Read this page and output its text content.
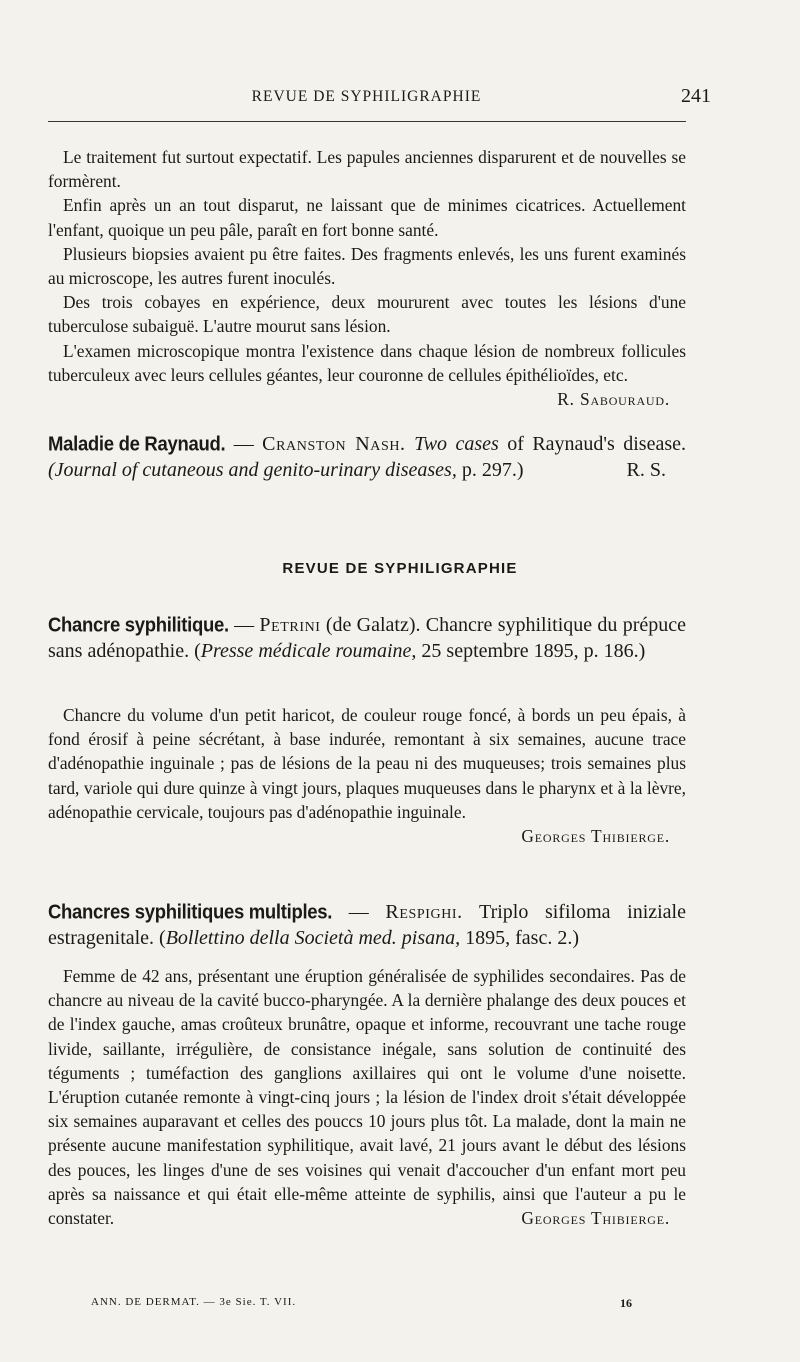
REVUE DE SYPHILIGRAPHIE	241

Le traitement fut surtout expectatif. Les papules anciennes disparurent et de nouvelles se formèrent.

Enfin après un an tout disparut, ne laissant que de minimes cicatrices. Actuellement l'enfant, quoique un peu pâle, paraît en fort bonne santé.

Plusieurs biopsies avaient pu être faites. Des fragments enlevés, les uns furent examinés au microscope, les autres furent inoculés.

Des trois cobayes en expérience, deux moururent avec toutes les lésions d'une tuberculose subaiguë. L'autre mourut sans lésion.

L'examen microscopique montra l'existence dans chaque lésion de nombreux follicules tuberculeux avec leurs cellules géantes, leur couronne de cellules épithélioïdes, etc.
R. Sabouraud.

Maladie de Raynaud. — Cranston Nash. Two cases of Raynaud's disease. (Journal of cutaneous and genito-urinary diseases, p. 297.)	R. S.
REVUE DE SYPHILIGRAPHIE
Chancre syphilitique. — Petrini (de Galatz). Chancre syphilitique du prépuce sans adénopathie. (Presse médicale roumaine, 25 septembre 1895, p. 186.)

Chancre du volume d'un petit haricot, de couleur rouge foncé, à bords un peu épais, à fond érosif à peine sécrétant, à base indurée, remontant à six semaines, aucune trace d'adénopathie inguinale ; pas de lésions de la peau ni des muqueuses; trois semaines plus tard, variole qui dure quinze à vingt jours, plaques muqueuses dans le pharynx et à la lèvre, adénopathie cervicale, toujours pas d'adénopathie inguinale.

Georges Thibierge.
Chancres syphilitiques multiples. — Respighi. Triplo sifiloma iniziale estragenitale. (Bollettino della Società med. pisana, 1895, fasc. 2.)

Femme de 42 ans, présentant une éruption généralisée de syphilides secondaires. Pas de chancre au niveau de la cavité bucco-pharyngée. A la dernière phalange des deux pouces et de l'index gauche, amas croûteux brunâtre, opaque et informe, recouvrant une tache rouge livide, saillante, irrégulière, de consistance inégale, sans solution de continuité des téguments ; tuméfaction des ganglions axillaires qui ont le volume d'une noisette. L'éruption cutanée remonte à vingt-cinq jours ; la lésion de l'index droit s'était développée six semaines auparavant et celles des pouccs 10 jours plus tôt. La malade, dont la main ne présente aucune manifestation syphilitique, avait lavé, 21 jours avant le début des lésions des pouces, les linges d'une de ses voisines qui venait d'accoucher d'un enfant mort peu après sa naissance et qui était elle-même atteinte de syphilis, ainsi que l'auteur a pu le constater.	Georges Thibierge.

ANN. DE DERMAT. — 3e Sie. T. VII.	16
